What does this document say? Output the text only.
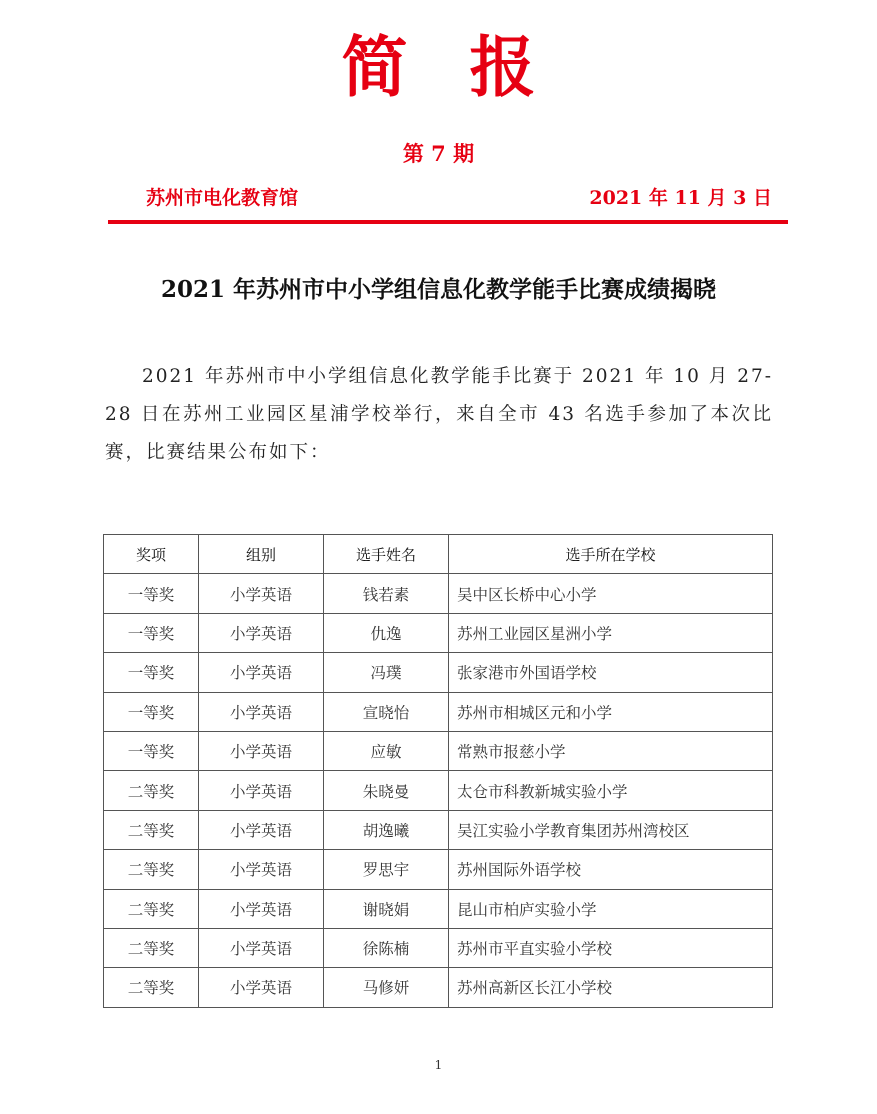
简报
第 7 期
苏州市电化教育馆	2021 年 11 月 3 日
2021 年苏州市中小学组信息化教学能手比赛成绩揭晓

2021 年苏州市中小学组信息化教学能手比赛于 2021 年 10 月 27-28 日在苏州工业园区星浦学校举行，来自全市 43 名选手参加了本次比赛，比赛结果公布如下：

奖项	组别	选手姓名	选手所在学校
一等奖	小学英语	钱若素	吴中区长桥中心小学
一等奖	小学英语	仇逸	苏州工业园区星洲小学
一等奖	小学英语	冯璞	张家港市外国语学校
一等奖	小学英语	宣晓怡	苏州市相城区元和小学
一等奖	小学英语	应敏	常熟市报慈小学
二等奖	小学英语	朱晓曼	太仓市科教新城实验小学
二等奖	小学英语	胡逸曦	吴江实验小学教育集团苏州湾校区
二等奖	小学英语	罗思宇	苏州国际外语学校
二等奖	小学英语	谢晓娟	昆山市柏庐实验小学
二等奖	小学英语	徐陈楠	苏州市平直实验小学校
二等奖	小学英语	马修妍	苏州高新区长江小学校
1
